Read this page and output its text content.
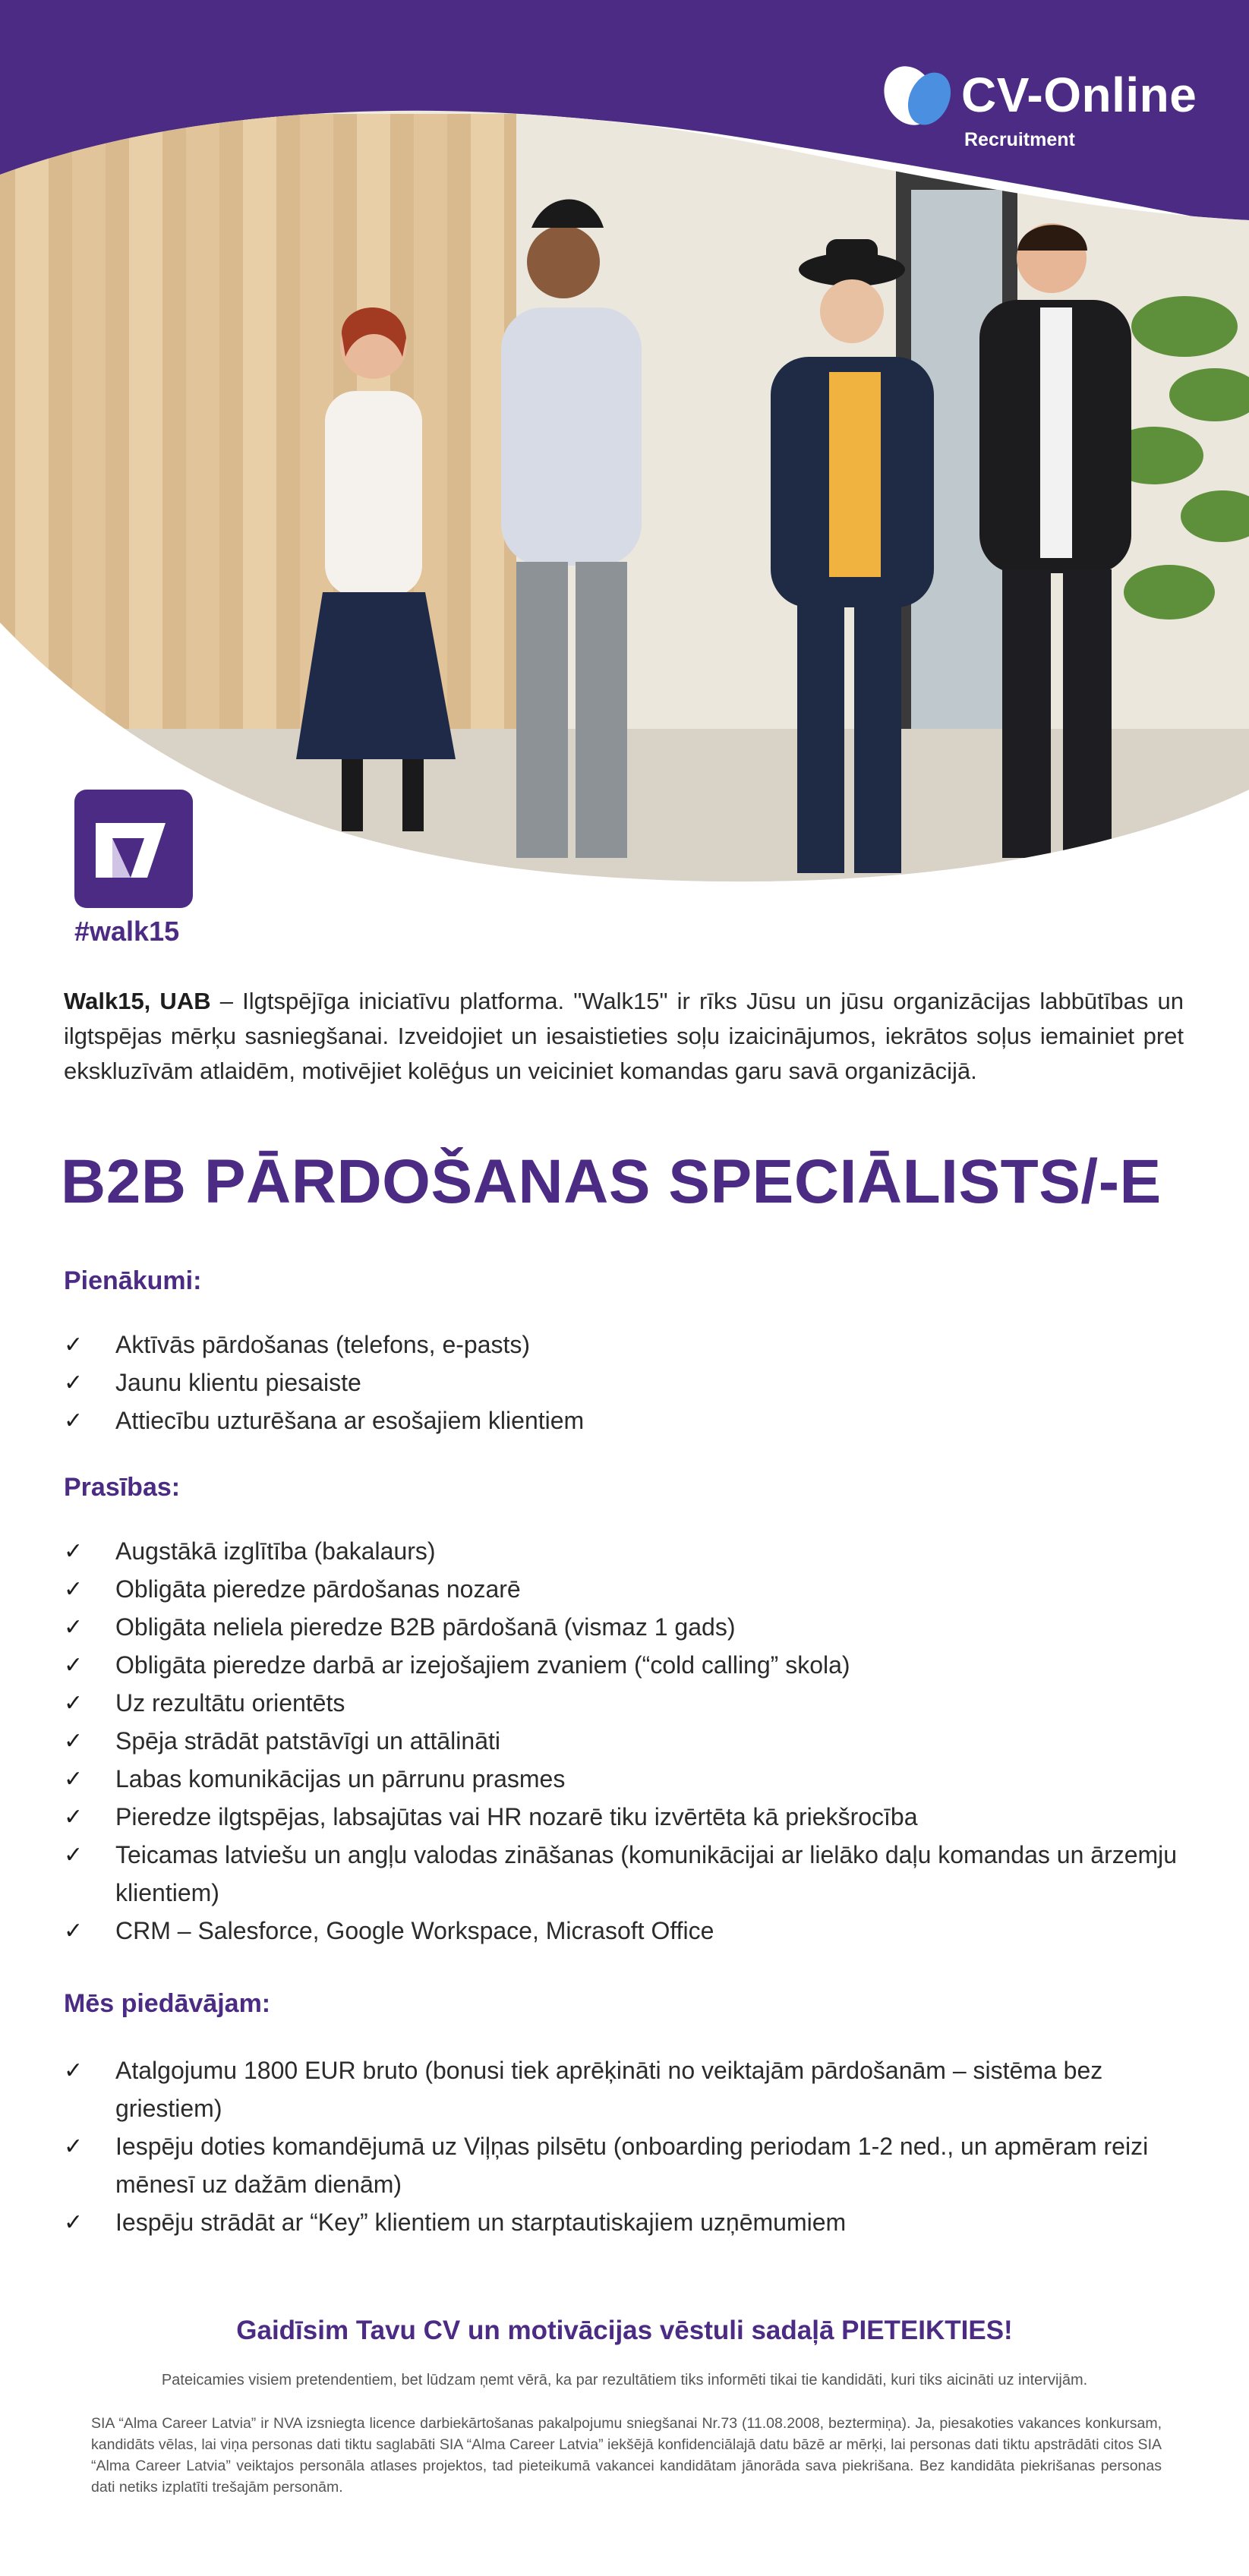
CV-Online
Recruitment
#walk15
Walk15, UAB – Ilgtspējīga iniciatīvu platforma. "Walk15" ir rīks Jūsu un jūsu organizācijas labbūtības un ilgtspējas mērķu sasniegšanai. Izveidojiet un iesaistieties soļu izaicinājumos, iekrātos soļus iemainiet pret ekskluzīvām atlaidēm, motivējiet kolēģus un veiciniet komandas garu savā organizācijā.
B2B PĀRDOŠANAS SPECIĀLISTS/-E
Pienākumi:
✓	Aktīvās pārdošanas (telefons, e-pasts)
✓	Jaunu klientu piesaiste
✓	Attiecību uzturēšana ar esošajiem klientiem
Prasības:
✓	Augstākā izglītība (bakalaurs)
✓	Obligāta pieredze pārdošanas nozarē
✓	Obligāta neliela pieredze B2B pārdošanā (vismaz 1 gads)
✓	Obligāta pieredze darbā ar izejošajiem zvaniem (“cold calling” skola)
✓	Uz rezultātu orientēts
✓	Spēja strādāt patstāvīgi un attālināti
✓	Labas komunikācijas un pārrunu prasmes
✓	Pieredze ilgtspējas, labsajūtas vai HR nozarē tiku izvērtēta kā priekšrocība
✓	Teicamas latviešu un angļu valodas zināšanas (komunikācijai ar lielāko daļu komandas un ārzemju klientiem)
✓	CRM – Salesforce, Google Workspace, Micrasoft Office
Mēs piedāvājam:
✓	Atalgojumu 1800 EUR bruto (bonusi tiek aprēķināti no veiktajām pārdošanām – sistēma bez griestiem)
✓	Iespēju doties komandējumā uz Viļņas pilsētu (onboarding periodam 1-2 ned., un apmēram reizi mēnesī uz dažām dienām)
✓	Iespēju strādāt ar “Key” klientiem un starptautiskajiem uzņēmumiem
Gaidīsim Tavu CV un motivācijas vēstuli sadaļā PIETEIKTIES!
Pateicamies visiem pretendentiem, bet lūdzam ņemt vērā, ka par rezultātiem tiks informēti tikai tie kandidāti, kuri tiks aicināti uz intervijām.
SIA “Alma Career Latvia” ir NVA izsniegta licence darbiekārtošanas pakalpojumu sniegšanai Nr.73 (11.08.2008, beztermiņa). Ja, piesakoties vakances konkursam, kandidāts vēlas, lai viņa personas dati tiktu saglabāti SIA “Alma Career Latvia” iekšējā konfidenciālajā datu bāzē ar mērķi, lai personas dati tiktu apstrādāti citos SIA “Alma Career Latvia” veiktajos personāla atlases projektos, tad pieteikumā vakancei kandidātam jānorāda sava piekrišana. Bez kandidāta piekrišanas personas dati netiks izplatīti trešajām personām.
